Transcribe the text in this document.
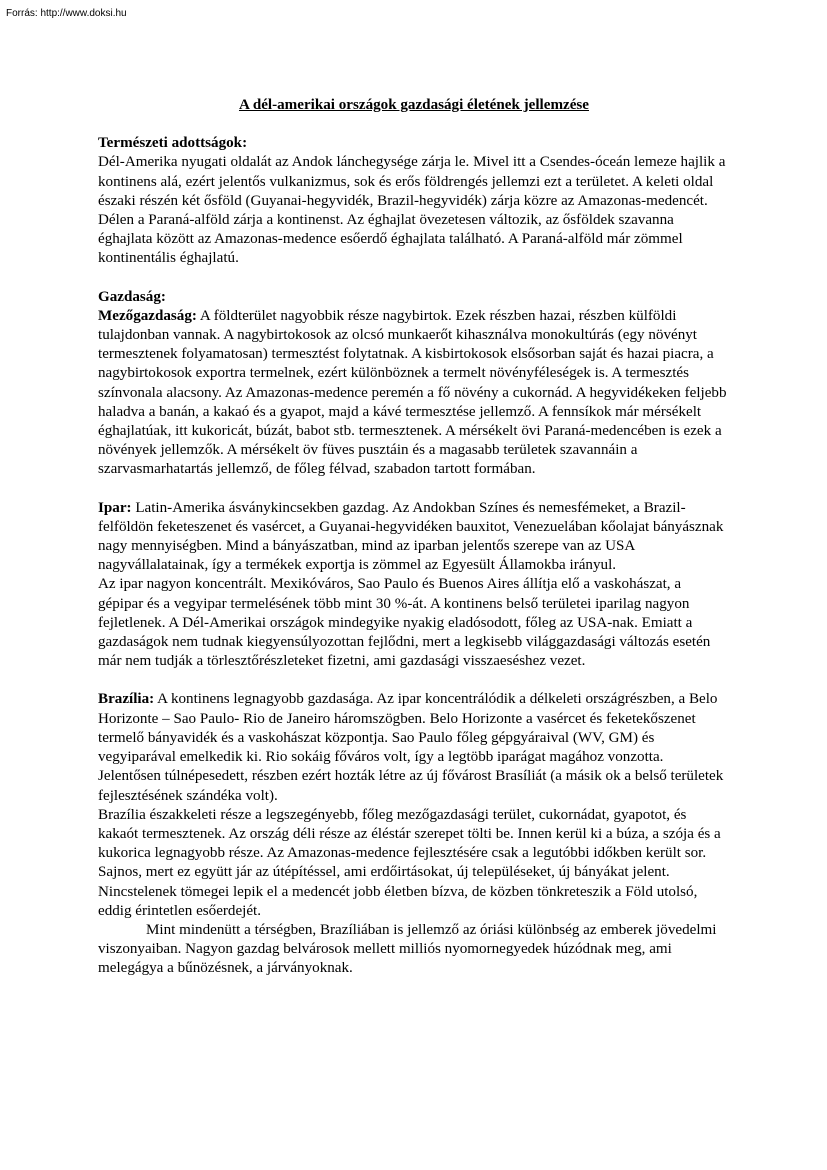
Forrás: http://www.doksi.hu
A dél-amerikai országok gazdasági életének jellemzése
Természeti adottságok:

Dél-Amerika nyugati oldalát az Andok lánchegysége zárja le. Mivel itt a Csendes-óceán lemeze hajlik a kontinens alá, ezért jelentős vulkanizmus, sok és erős földrengés jellemzi ezt a területet. A keleti oldal északi részén két ősföld (Guyanai-hegyvidék, Brazil-hegyvidék) zárja közre az Amazonas-medencét. Délen a Paraná-alföld zárja a kontinenst. Az éghajlat övezetesen változik, az ősföldek szavanna éghajlata között az Amazonas-medence esőerdő éghajlata található. A Paraná-alföld már zömmel kontinentális éghajlatú.

Gazdaság:

Mezőgazdaság: A földterület nagyobbik része nagybirtok. Ezek részben hazai, részben külföldi tulajdonban vannak. A nagybirtokosok az olcsó munkaerőt kihasználva monokultúrás (egy növényt termesztenek folyamatosan) termesztést folytatnak. A kisbirtokosok elsősorban saját és hazai piacra, a nagybirtokosok exportra termelnek, ezért különböznek a termelt növényféleségek is. A termesztés színvonala alacsony. Az Amazonas-medence peremén a fő növény a cukornád. A hegyvidékeken feljebb haladva a banán, a kakaó és a gyapot, majd a kávé termesztése jellemző. A fennsíkok már mérsékelt éghajlatúak, itt kukoricát, búzát, babot stb. termesztenek. A mérsékelt övi Paraná-medencében is ezek a növények jellemzők. A mérsékelt öv füves pusztáin és a magasabb területek szavannáin a szarvasmarhatartás jellemző, de főleg félvad, szabadon tartott formában.

Ipar: Latin-Amerika ásványkincsekben gazdag. Az Andokban Színes és nemesfémeket, a Brazil-felföldön feketeszenet és vasércet, a Guyanai-hegyvidéken bauxitot, Venezuelában kőolajat bányásznak nagy mennyiségben. Mind a bányászatban, mind az iparban jelentős szerepe van az USA nagyvállalatainak, így a termékek exportja is zömmel az Egyesült Államokba irányul.

Az ipar nagyon koncentrált. Mexikóváros, Sao Paulo és Buenos Aires állítja elő a vaskohászat, a gépipar és a vegyipar termelésének több mint 30 %-át. A kontinens belső területei iparilag nagyon fejletlenek. A Dél-Amerikai országok mindegyike nyakig eladósodott, főleg az USA-nak. Emiatt a gazdaságok nem tudnak kiegyensúlyozottan fejlődni, mert a legkisebb világgazdasági változás esetén már nem tudják a törlesztőrészleteket fizetni, ami gazdasági visszaeséshez vezet.

Brazília: A kontinens legnagyobb gazdasága. Az ipar koncentrálódik a délkeleti országrészben, a Belo Horizonte – Sao Paulo- Rio de Janeiro háromszögben. Belo Horizonte a vasércet és feketekőszenet termelő bányavidék és a vaskohászat központja. Sao Paulo főleg gépgyáraival (WV, GM) és vegyiparával emelkedik ki. Rio sokáig főváros volt, így a legtöbb iparágat magához vonzotta. Jelentősen túlnépesedett, részben ezért hozták létre az új fővárost Brasíliát (a másik ok a belső területek fejlesztésének szándéka volt).

Brazília északkeleti része a legszegényebb, főleg mezőgazdasági terület, cukornádat, gyapotot, és kakaót termesztenek. Az ország déli része az éléstár szerepet tölti be. Innen kerül ki a búza, a szója és a kukorica legnagyobb része. Az Amazonas-medence fejlesztésére csak a legutóbbi időkben került sor. Sajnos, mert ez együtt jár az útépítéssel, ami erdőirtásokat, új településeket, új bányákat jelent. Nincstelenek tömegei lepik el a medencét jobb életben bízva, de közben tönkreteszik a Föld utolsó, eddig érintetlen esőerdejét.

Mint mindenütt a térségben, Brazíliában is jellemző az óriási különbség az emberek jövedelmi viszonyaiban. Nagyon gazdag belvárosok mellett milliós nyomornegyedek húzódnak meg, ami melegágya a bűnözésnek, a járványoknak.
